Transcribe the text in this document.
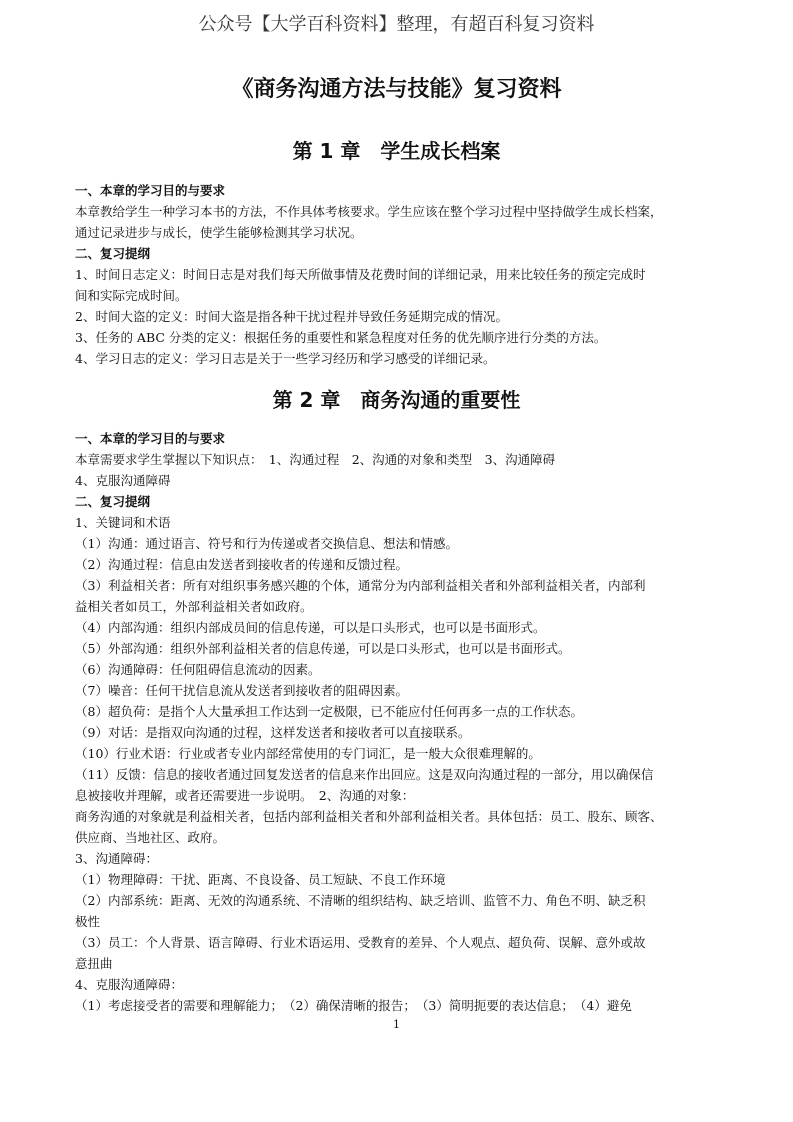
公众号【大学百科资料】整理，有超百科复习资料
《商务沟通方法与技能》复习资料
第 1 章　学生成长档案

一、本章的学习目的与要求

本章教给学生一种学习本书的方法，不作具体考核要求。学生应该在整个学习过程中坚持做学生成长档案，

通过记录进步与成长，使学生能够检测其学习状况。

二、复习提纲

1、时间日志定义：时间日志是对我们每天所做事情及花费时间的详细记录，用来比较任务的预定完成时

间和实际完成时间。

2、时间大盗的定义：时间大盗是指各种干扰过程并导致任务延期完成的情况。

3、任务的 ABC 分类的定义：根据任务的重要性和紧急程度对任务的优先顺序进行分类的方法。

4、学习日志的定义：学习日志是关于一些学习经历和学习感受的详细记录。

第 2 章　商务沟通的重要性

一、本章的学习目的与要求

本章需要求学生掌握以下知识点：　1、沟通过程　2、沟通的对象和类型　3、沟通障碍

4、克服沟通障碍

二、复习提纲

1、关键词和术语

（1）沟通：通过语言、符号和行为传递或者交换信息、想法和情感。

（2）沟通过程：信息由发送者到接收者的传递和反馈过程。

（3）利益相关者：所有对组织事务感兴趣的个体，通常分为内部利益相关者和外部利益相关者，内部利

益相关者如员工，外部利益相关者如政府。

（4）内部沟通：组织内部成员间的信息传递，可以是口头形式，也可以是书面形式。

（5）外部沟通：组织外部利益相关者的信息传递，可以是口头形式，也可以是书面形式。

（6）沟通障碍：任何阻碍信息流动的因素。

（7）噪音：任何干扰信息流从发送者到接收者的阻碍因素。

（8）超负荷：是指个人大量承担工作达到一定极限，已不能应付任何再多一点的工作状态。

（9）对话：是指双向沟通的过程，这样发送者和接收者可以直接联系。

（10）行业术语：行业或者专业内部经常使用的专门词汇，是一般大众很难理解的。

（11）反馈：信息的接收者通过回复发送者的信息来作出回应。这是双向沟通过程的一部分，用以确保信

息被接收并理解，或者还需要进一步说明。　2、沟通的对象：

商务沟通的对象就是利益相关者，包括内部利益相关者和外部利益相关者。具体包括：员工、股东、顾客、

供应商、当地社区、政府。

3、沟通障碍：

（1）物理障碍：干扰、距离、不良设备、员工短缺、不良工作环境

（2）内部系统：距离、无效的沟通系统、不清晰的组织结构、缺乏培训、监管不力、角色不明、缺乏积

极性

（3）员工：个人背景、语言障碍、行业术语运用、受教育的差异、个人观点、超负荷、误解、意外或故

意扭曲

4、克服沟通障碍：

（1）考虑接受者的需要和理解能力；　（2）确保清晰的报告；　（3）简明扼要的表达信息；　（4）避免

1
